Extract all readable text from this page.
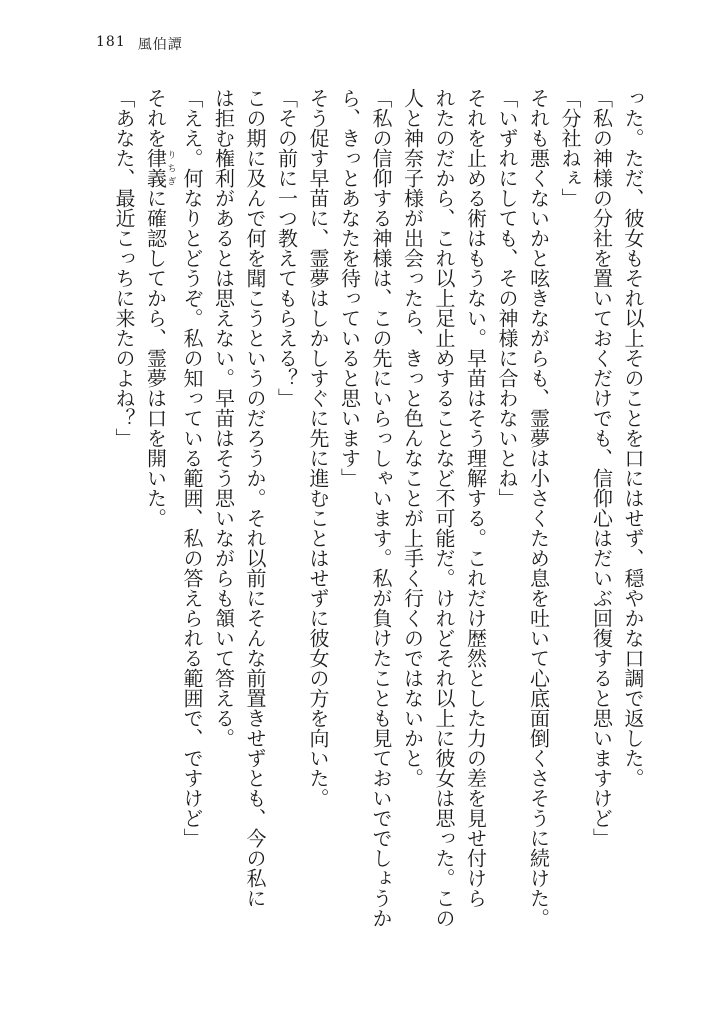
181 風伯譚

った。ただ、彼女もそれ以上そのことを口にはせず、穏やかな口調で返した。

「私の神様の分社を置いておくだけでも、信仰心はだいぶ回復すると思いますけど」

「分社ねぇ」

それも悪くないかと呟きながらも、霊夢は小さくため息を吐いて心底面倒くさそうに続けた。

「いずれにしても、その神様に合わないとね」

それを止める術はもうない。早苗はそう理解する。これだけ歴然とした力の差を見せ付けら

れたのだから、これ以上足止めすることなど不可能だ。けれどそれ以上に彼女は思った。この

人と神奈子様が出会ったら、きっと色んなことが上手く行くのではないかと。

「私の信仰する神様は、この先にいらっしゃいます。私が負けたことも見ておいででしょうか

ら、きっとあなたを待っていると思います」

そう促す早苗に、霊夢はしかしすぐに先に進むことはせずに彼女の方を向いた。

「その前に一つ教えてもらえる？」

この期に及んで何を聞こうというのだろうか。それ以前にそんな前置きせずとも、今の私に

は拒む権利があるとは思えない。早苗はそう思いながらも頷いて答える。

「ええ。何なりとどうぞ。私の知っている範囲、私の答えられる範囲で、ですけど」

それを律義りちぎに確認してから、霊夢は口を開いた。

「あなた、最近こっちに来たのよね？」
